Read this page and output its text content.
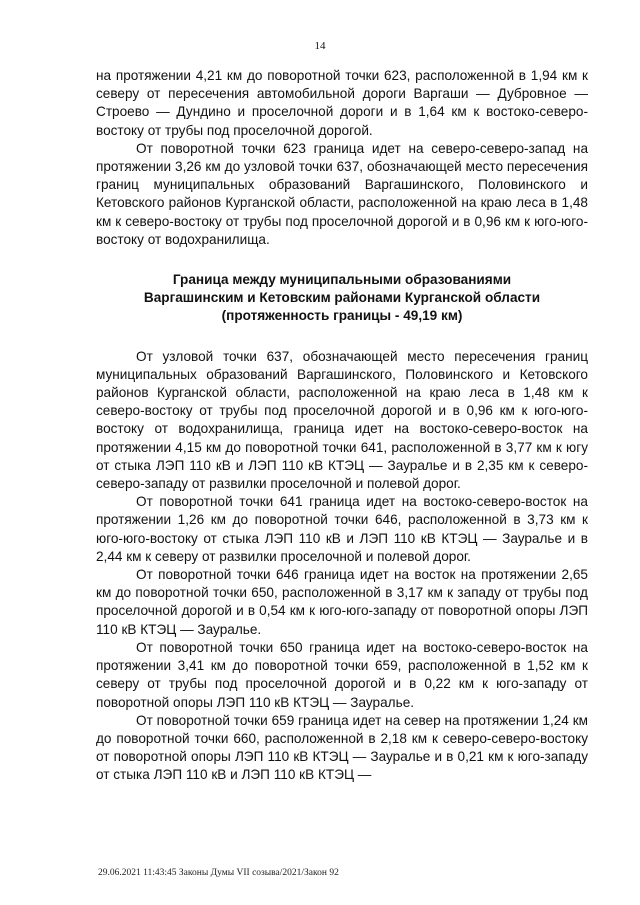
14

на протяжении 4,21 км до поворотной точки 623, расположенной в 1,94 км к северу от пересечения автомобильной дороги Варгаши — Дубровное — Строево — Дундино и проселочной дороги и в 1,64 км к востоко-северо-востоку от трубы под проселочной дорогой.

От поворотной точки 623 граница идет на северо-северо-запад на протяжении 3,26 км до узловой точки 637, обозначающей место пересечения границ муниципальных образований Варгашинского, Половинского и Кетовского районов Курганской области, расположенной на краю леса в 1,48 км к северо-востоку от трубы под проселочной дорогой и в 0,96 км к юго-юго-востоку от водохранилища.

Граница между муниципальными образованиями
Варгашинским и Кетовским районами Курганской области
(протяженность границы - 49,19 км)

От узловой точки 637, обозначающей место пересечения границ муниципальных образований Варгашинского, Половинского и Кетовского районов Курганской области, расположенной на краю леса в 1,48 км к северо-востоку от трубы под проселочной дорогой и в 0,96 км к юго-юго-востоку от водохранилища, граница идет на востоко-северо-восток на протяжении 4,15 км до поворотной точки 641, расположенной в 3,77 км к югу от стыка ЛЭП 110 кВ и ЛЭП 110 кВ КТЭЦ — Зауралье и в 2,35 км к северо-северо-западу от развилки проселочной и полевой дорог.

От поворотной точки 641 граница идет на востоко-северо-восток на протяжении 1,26 км до поворотной точки 646, расположенной в 3,73 км к юго-юго-востоку от стыка ЛЭП 110 кВ и ЛЭП 110 кВ КТЭЦ — Зауралье и в 2,44 км к северу от развилки проселочной и полевой дорог.

От поворотной точки 646 граница идет на восток на протяжении 2,65 км до поворотной точки 650, расположенной в 3,17 км к западу от трубы под проселочной дорогой и в 0,54 км к юго-юго-западу от поворотной опоры ЛЭП 110 кВ КТЭЦ — Зауралье.

От поворотной точки 650 граница идет на востоко-северо-восток на протяжении 3,41 км до поворотной точки 659, расположенной в 1,52 км к северу от трубы под проселочной дорогой и в 0,22 км к юго-западу от поворотной опоры ЛЭП 110 кВ КТЭЦ — Зауралье.

От поворотной точки 659 граница идет на север на протяжении 1,24 км до поворотной точки 660, расположенной в 2,18 км к северо-северо-востоку от поворотной опоры ЛЭП 110 кВ КТЭЦ — Зауралье и в 0,21 км к юго-западу от стыка ЛЭП 110 кВ и ЛЭП 110 кВ КТЭЦ —

29.06.2021 11:43:45 Законы Думы VII созыва/2021/Закон 92
